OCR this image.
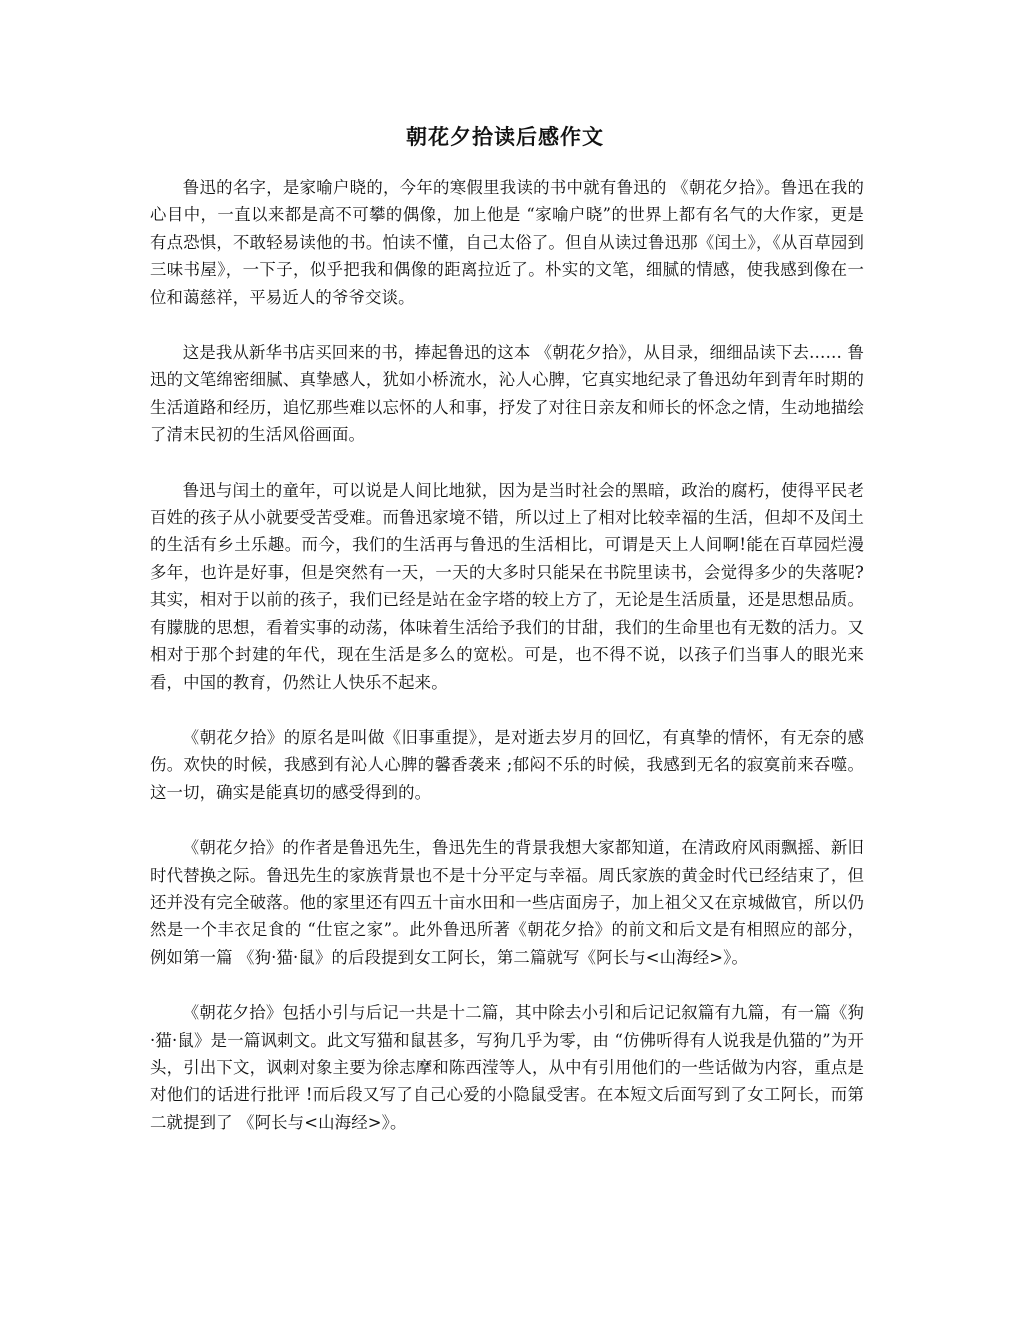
朝花夕拾读后感作文

鲁迅的名字，是家喻户晓的，今年的寒假里我读的书中就有鲁迅的 《朝花夕拾》。鲁迅在我的心目中，一直以来都是高不可攀的偶像，加上他是 “家喻户晓”的世界上都有名气的大作家，更是有点恐惧，不敢轻易读他的书。怕读不懂，自己太俗了。但自从读过鲁迅那《闰土》，《从百草园到三味书屋》，一下子，似乎把我和偶像的距离拉近了。朴实的文笔，细腻的情感，使我感到像在一位和蔼慈祥，平易近人的爷爷交谈。

这是我从新华书店买回来的书，捧起鲁迅的这本 《朝花夕拾》，从目录，细细品读下去…… 鲁迅的文笔绵密细腻、真挚感人，犹如小桥流水，沁人心脾，它真实地纪录了鲁迅幼年到青年时期的生活道路和经历，追忆那些难以忘怀的人和事，抒发了对往日亲友和师长的怀念之情，生动地描绘了清末民初的生活风俗画面。

鲁迅与闰土的童年，可以说是人间比地狱，因为是当时社会的黑暗，政治的腐朽，使得平民老百姓的孩子从小就要受苦受难。而鲁迅家境不错，所以过上了相对比较幸福的生活，但却不及闰土的生活有乡土乐趣。而今，我们的生活再与鲁迅的生活相比，可谓是天上人间啊!能在百草园烂漫多年，也许是好事，但是突然有一天，一天的大多时只能呆在书院里读书，会觉得多少的失落呢?其实，相对于以前的孩子，我们已经是站在金字塔的较上方了，无论是生活质量，还是思想品质。有朦胧的思想，看着实事的动荡，体味着生活给予我们的甘甜，我们的生命里也有无数的活力。又相对于那个封建的年代，现在生活是多么的宽松。可是，也不得不说，以孩子们当事人的眼光来看，中国的教育，仍然让人快乐不起来。

《朝花夕拾》的原名是叫做《旧事重提》，是对逝去岁月的回忆，有真挚的情怀，有无奈的感伤。欢快的时候，我感到有沁人心脾的馨香袭来 ;郁闷不乐的时候，我感到无名的寂寞前来吞噬。这一切，确实是能真切的感受得到的。

《朝花夕拾》的作者是鲁迅先生，鲁迅先生的背景我想大家都知道，在清政府风雨飘摇、新旧时代替换之际。鲁迅先生的家族背景也不是十分平定与幸福。周氏家族的黄金时代已经结束了，但还并没有完全破落。他的家里还有四五十亩水田和一些店面房子，加上祖父又在京城做官，所以仍然是一个丰衣足食的 “仕宦之家”。此外鲁迅所著《朝花夕拾》的前文和后文是有相照应的部分，例如第一篇 《狗·猫·鼠》的后段提到女工阿长，第二篇就写《阿长与<山海经>》。

《朝花夕拾》包括小引与后记一共是十二篇，其中除去小引和后记记叙篇有九篇，有一篇《狗·猫·鼠》是一篇讽刺文。此文写猫和鼠甚多，写狗几乎为零，由 “仿佛听得有人说我是仇猫的”为开头，引出下文，讽刺对象主要为徐志摩和陈西滢等人，从中有引用他们的一些话做为内容，重点是对他们的话进行批评 !而后段又写了自己心爱的小隐鼠受害。在本短文后面写到了女工阿长，而第二就提到了 《阿长与<山海经>》。
